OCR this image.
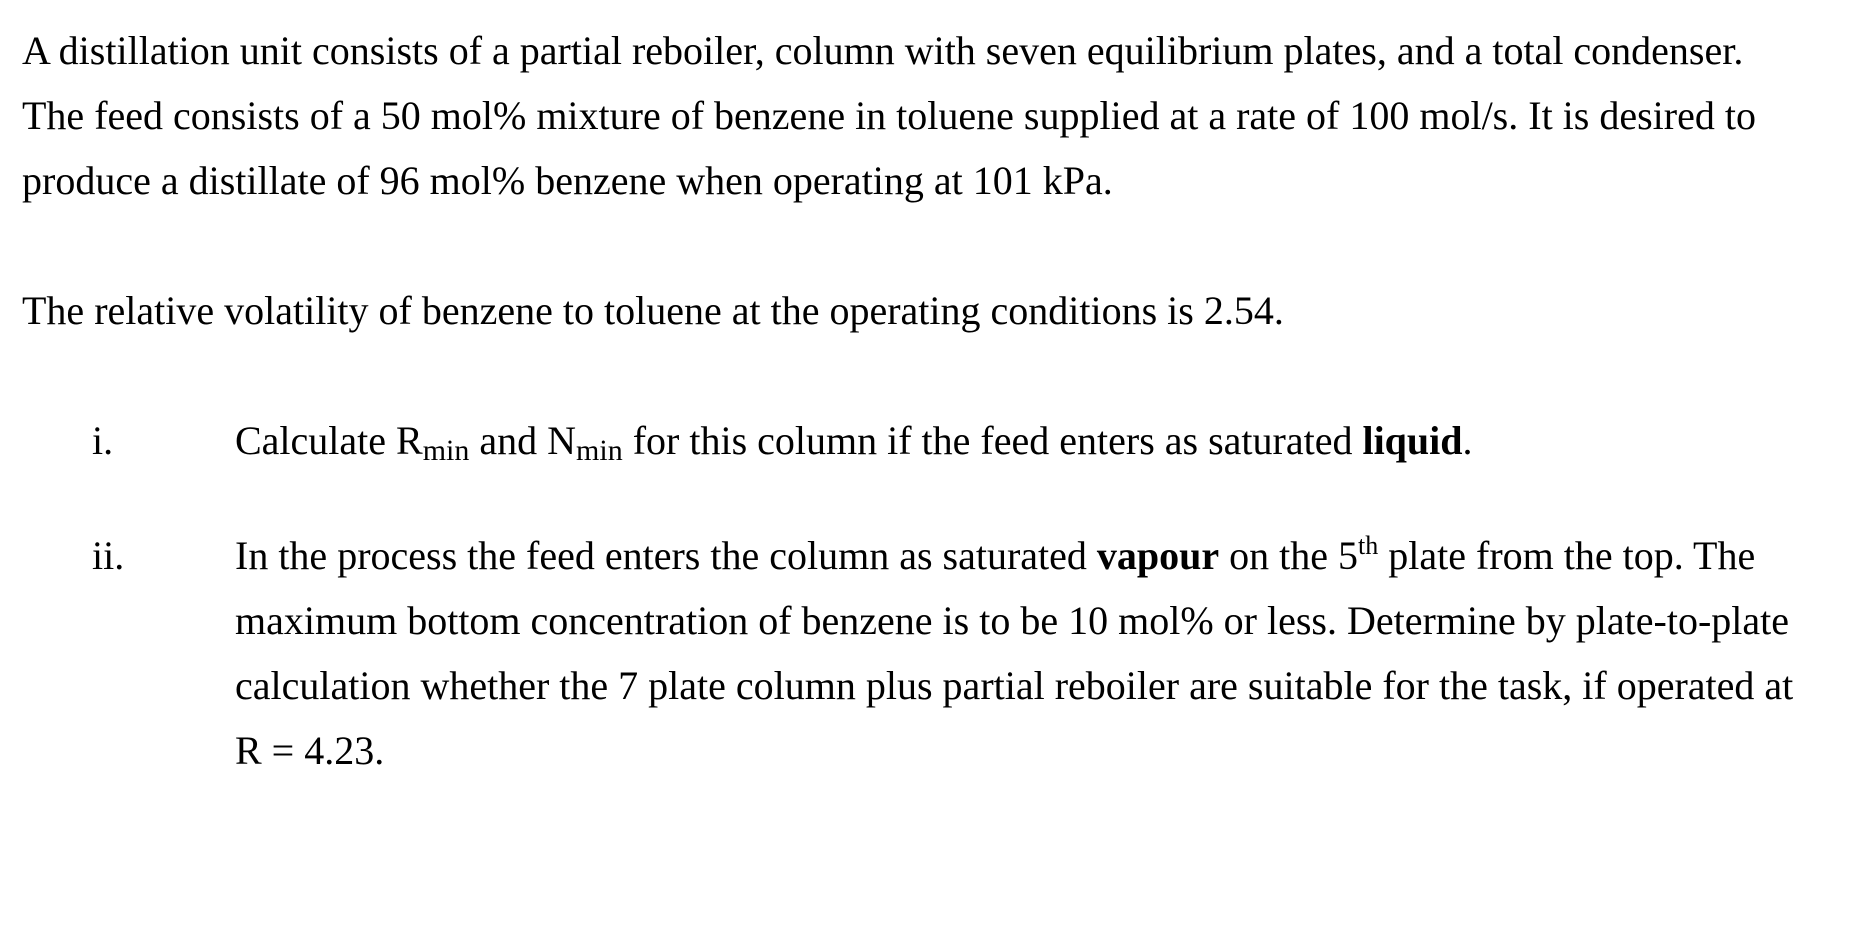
A distillation unit consists of a partial reboiler, column with seven equilibrium plates, and a total condenser. The feed consists of a 50 mol% mixture of benzene in toluene supplied at a rate of 100 mol/s. It is desired to produce a distillate of 96 mol% benzene when operating at 101 kPa.

The relative volatility of benzene to toluene at the operating conditions is 2.54.

i.	Calculate $R_{min}$ and $N_{min}$ for this column if the feed enters as saturated liquid.
ii.	In the process the feed enters the column as saturated vapour on the 5th plate from the top. The maximum bottom concentration of benzene is to be 10 mol% or less. Determine by plate-to-plate calculation whether the 7 plate column plus partial reboiler are suitable for the task, if operated at R = 4.23.
